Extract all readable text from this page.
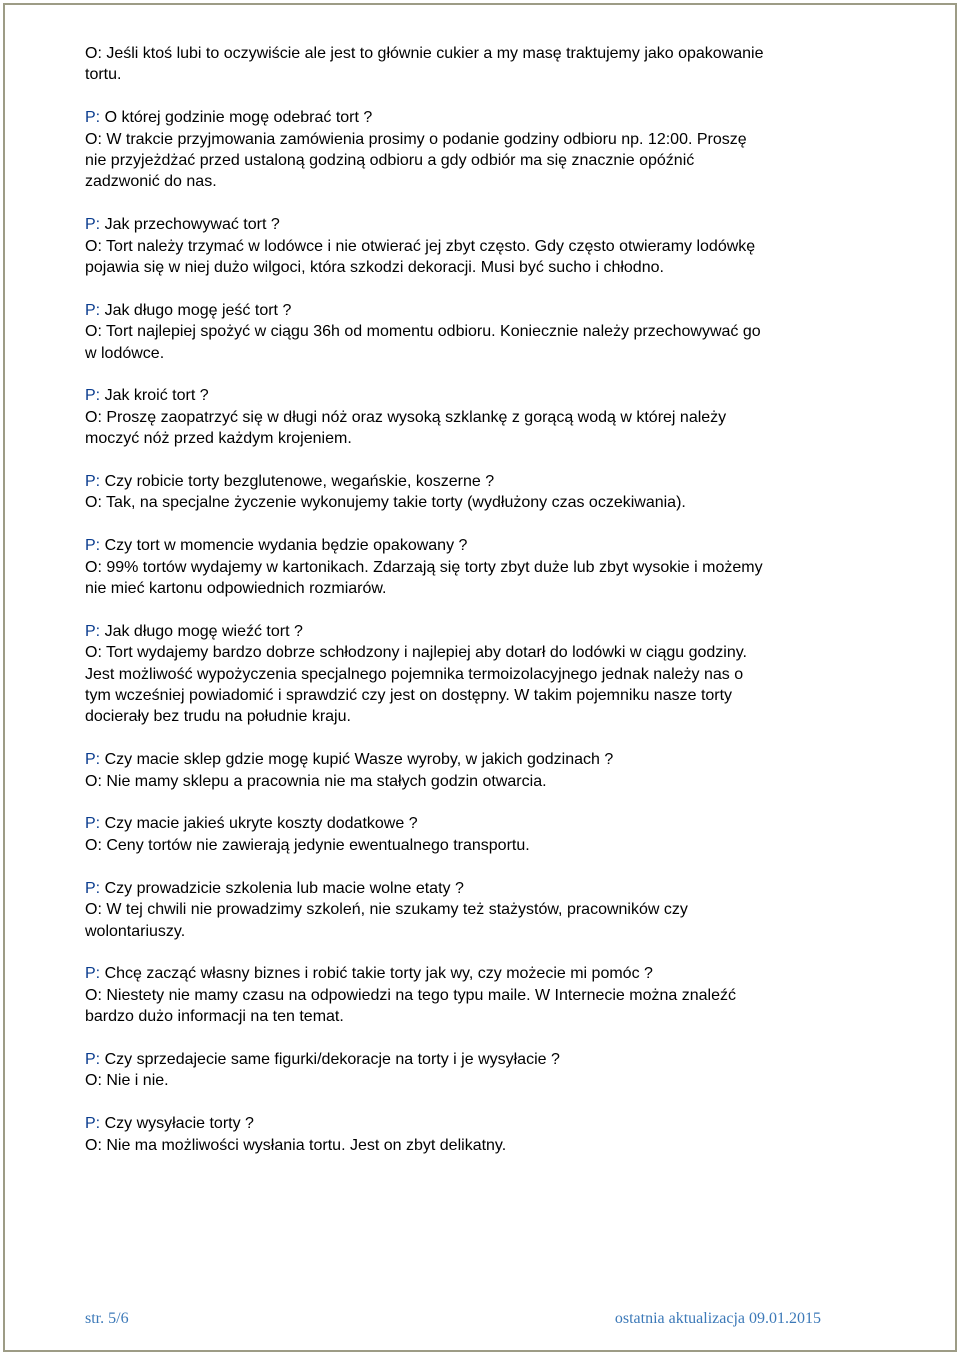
O: Jeśli ktoś lubi to oczywiście ale jest to głównie cukier a my masę traktujemy jako opakowanie
tortu.
P: O której godzinie mogę odebrać tort ?
O: W trakcie przyjmowania zamówienia prosimy o podanie godziny odbioru np. 12:00. Proszę
nie przyjeżdżać przed ustaloną godziną odbioru a gdy odbiór ma się znacznie opóźnić
zadzwonić do nas.
P: Jak przechowywać tort ?
O: Tort należy trzymać w lodówce i nie otwierać jej zbyt często. Gdy często otwieramy lodówkę
pojawia się w niej dużo wilgoci, która szkodzi dekoracji. Musi być sucho i chłodno.
P: Jak długo mogę jeść tort ?
O: Tort najlepiej spożyć w ciągu 36h od momentu odbioru. Koniecznie należy przechowywać go
w lodówce.
P: Jak kroić tort ?
O: Proszę zaopatrzyć się w długi nóż oraz wysoką szklankę z gorącą wodą w której należy
moczyć nóż przed każdym krojeniem.
P: Czy robicie torty bezglutenowe, wegańskie, koszerne ?
O: Tak, na specjalne życzenie wykonujemy takie torty (wydłużony czas oczekiwania).
P: Czy tort w momencie wydania będzie opakowany ?
O: 99% tortów wydajemy w kartonikach. Zdarzają się torty zbyt duże lub zbyt wysokie i możemy
nie mieć kartonu odpowiednich rozmiarów.
P: Jak długo mogę wieźć tort ?
O: Tort wydajemy bardzo dobrze schłodzony i najlepiej aby dotarł do lodówki w ciągu godziny.
Jest możliwość wypożyczenia specjalnego pojemnika termoizolacyjnego jednak należy nas o
tym wcześniej powiadomić i sprawdzić czy jest on dostępny. W takim pojemniku nasze torty
docierały bez trudu na południe kraju.
P: Czy macie sklep gdzie mogę kupić Wasze wyroby, w jakich godzinach ?
O: Nie mamy sklepu a pracownia nie ma stałych godzin otwarcia.
P: Czy macie jakieś ukryte koszty dodatkowe ?
O: Ceny tortów nie zawierają jedynie ewentualnego transportu.
P: Czy prowadzicie szkolenia lub macie wolne etaty ?
O: W tej chwili nie prowadzimy szkoleń, nie szukamy też stażystów, pracowników czy
wolontariuszy.
P: Chcę zacząć własny biznes i robić takie torty jak wy, czy możecie mi pomóc ?
O: Niestety nie mamy czasu na odpowiedzi na tego typu maile. W Internecie można znaleźć
bardzo dużo informacji na ten temat.
P: Czy sprzedajecie same figurki/dekoracje na torty i je wysyłacie ?
O: Nie i nie.
P: Czy wysyłacie torty ?
O: Nie ma możliwości wysłania tortu. Jest on zbyt delikatny.
str. 5/6	ostatnia aktualizacja 09.01.2015
